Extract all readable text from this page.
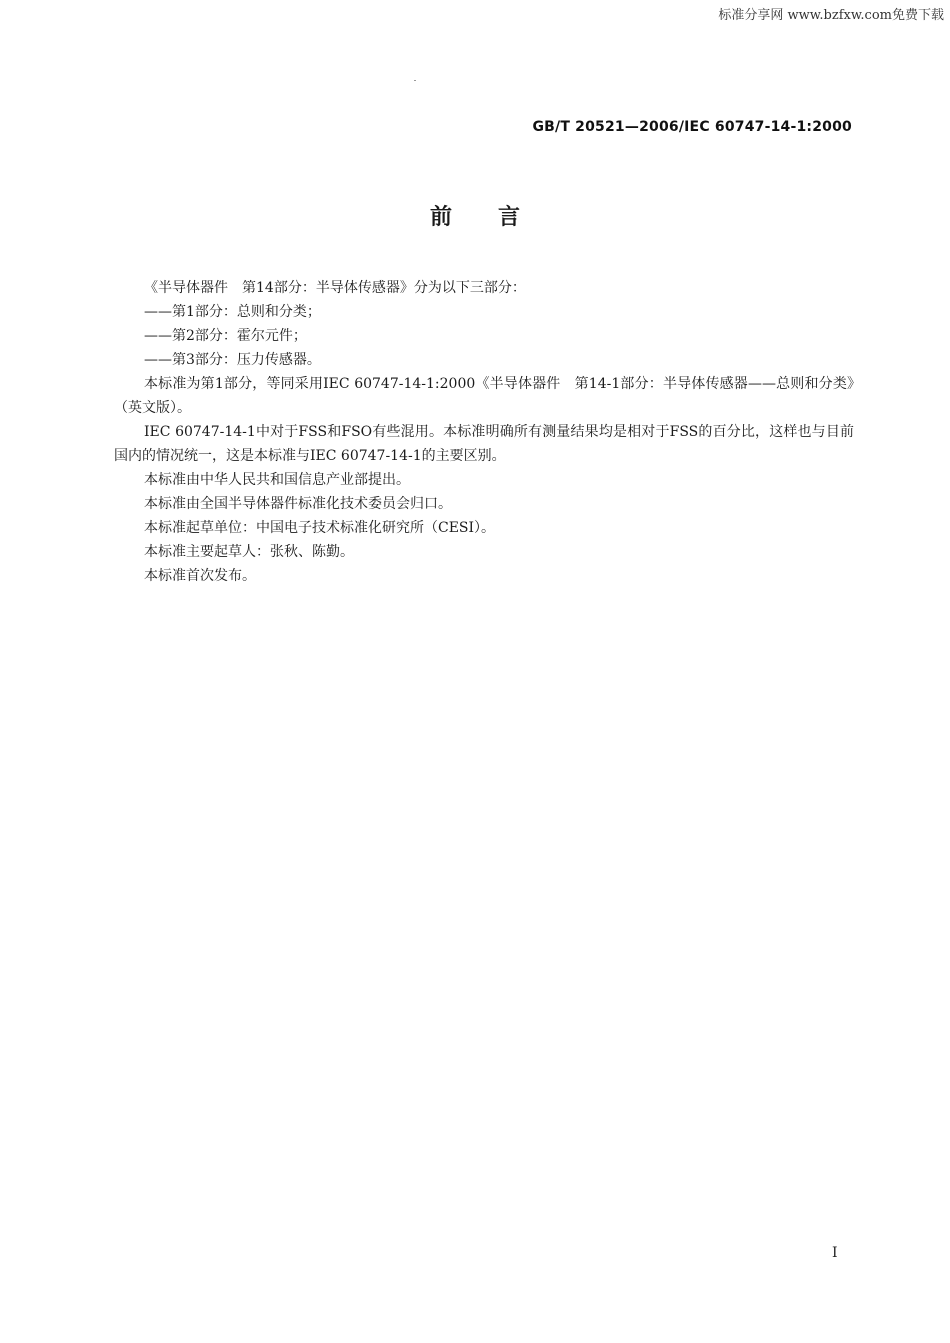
标准分享网 www.bzfxw.com免费下载
GB/T 20521—2006/IEC 60747-14-1:2000
前言

《半导体器件　第14部分：半导体传感器》分为以下三部分：

——第1部分：总则和分类；

——第2部分：霍尔元件；

——第3部分：压力传感器。

本标准为第1部分，等同采用IEC 60747-14-1:2000《半导体器件　第14-1部分：半导体传感器——总则和分类》（英文版）。

IEC 60747-14-1中对于FSS和FSO有些混用。本标准明确所有测量结果均是相对于FSS的百分比，这样也与目前国内的情况统一，这是本标准与IEC 60747-14-1的主要区别。

本标准由中华人民共和国信息产业部提出。

本标准由全国半导体器件标准化技术委员会归口。

本标准起草单位：中国电子技术标准化研究所（CESI）。

本标准主要起草人：张秋、陈勤。

本标准首次发布。

I
